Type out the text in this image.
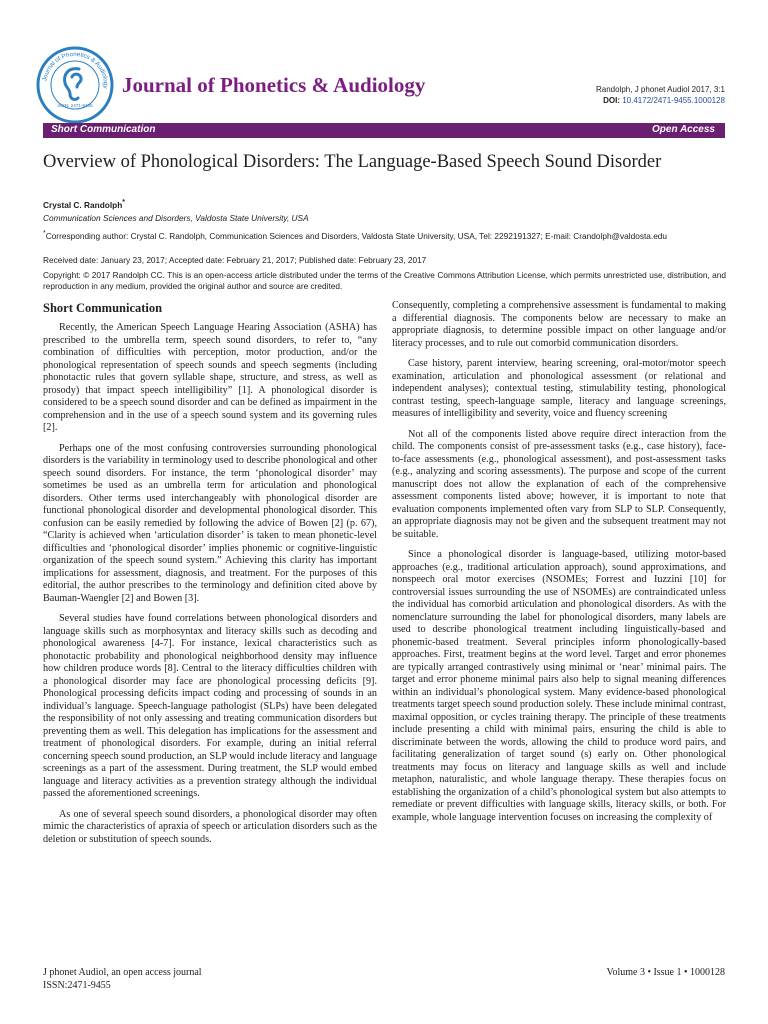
Journal of Phonetics & Audiology
ISSN: 2471-9455
Journal of Phonetics & Audiology	Randolph, J phonet Audiol 2017, 3:1
DOI: 10.4172/2471-9455.1000128
Short Communication	Open Access
Overview of Phonological Disorders: The Language-Based Speech Sound Disorder
Crystal C. Randolph*
Communication Sciences and Disorders, Valdosta State University, USA
*Corresponding author: Crystal C. Randolph, Communication Sciences and Disorders, Valdosta State University, USA, Tel: 2292191327; E-mail: Crandolph@valdosta.edu
Received date: January 23, 2017; Accepted date: February 21, 2017; Published date: February 23, 2017
Copyright: © 2017 Randolph CC. This is an open-access article distributed under the terms of the Creative Commons Attribution License, which permits unrestricted use, distribution, and reproduction in any medium, provided the original author and source are credited.
Short Communication

Recently, the American Speech Language Hearing Association (ASHA) has prescribed to the umbrella term, speech sound disorders, to refer to, “any combination of difficulties with perception, motor production, and/or the phonological representation of speech sounds and speech segments (including phonotactic rules that govern syllable shape, structure, and stress, as well as prosody) that impact speech intelligibility” [1]. A phonological disorder is considered to be a speech sound disorder and can be defined as impairment in the comprehension and in the use of a speech sound system and its governing rules [2].

Perhaps one of the most confusing controversies surrounding phonological disorders is the variability in terminology used to describe phonological and other speech sound disorders. For instance, the term ‘phonological disorder’ may sometimes be used as an umbrella term for articulation and phonological disorders. Other terms used interchangeably with phonological disorder are functional phonological disorder and developmental phonological disorder. This confusion can be easily remedied by following the advice of Bowen [2] (p. 67), “Clarity is achieved when ‘articulation disorder’ is taken to mean phonetic-level difficulties and ‘phonological disorder’ implies phonemic or cognitive-linguistic organization of the speech sound system.” Achieving this clarity has important implications for assessment, diagnosis, and treatment. For the purposes of this editorial, the author prescribes to the terminology and definition cited above by Bauman-Waengler [2] and Bowen [3].

Several studies have found correlations between phonological disorders and language skills such as morphosyntax and literacy skills such as decoding and phonological awareness [4-7]. For instance, lexical characteristics such as phonotactic probability and phonological neighborhood density may influence how children produce words [8]. Central to the literacy difficulties children with a phonological disorder may face are phonological processing deficits [9]. Phonological processing deficits impact coding and processing of sounds in an individual’s language. Speech-language pathologist (SLPs) have been delegated the responsibility of not only assessing and treating communication disorders but preventing them as well. This delegation has implications for the assessment and treatment of phonological disorders. For example, during an initial referral concerning speech sound production, an SLP would include literacy and language screenings as a part of the assessment. During treatment, the SLP would embed language and literacy activities as a prevention strategy although the individual passed the aforementioned screenings.

As one of several speech sound disorders, a phonological disorder may often mimic the characteristics of apraxia of speech or articulation disorders such as the deletion or substitution of speech sounds.

Consequently, completing a comprehensive assessment is fundamental to making a differential diagnosis. The components below are necessary to make an appropriate diagnosis, to determine possible impact on other language and/or literacy processes, and to rule out comorbid communication disorders.

Case history, parent interview, hearing screening, oral-motor/motor speech examination, articulation and phonological assessment (or relational and independent analyses); contextual testing, stimulability testing, phonological contrast testing, speech-language sample, literacy and language screenings, measures of intelligibility and severity, voice and fluency screening

Not all of the components listed above require direct interaction from the child. The components consist of pre-assessment tasks (e.g., case history), face-to-face assessments (e.g., phonological assessment), and post-assessment tasks (e.g., analyzing and scoring assessments). The purpose and scope of the current manuscript does not allow the explanation of each of the comprehensive assessment components listed above; however, it is important to note that evaluation components implemented often vary from SLP to SLP. Consequently, an appropriate diagnosis may not be given and the subsequent treatment may not be suitable.

Since a phonological disorder is language-based, utilizing motor-based approaches (e.g., traditional articulation approach), sound approximations, and nonspeech oral motor exercises (NSOMEs; Forrest and Iuzzini [10] for controversial issues surrounding the use of NSOMEs) are contraindicated unless the individual has comorbid articulation and phonological disorders. As with the nomenclature surrounding the label for phonological disorders, many labels are used to describe phonological treatment including linguistically-based and phonemic-based treatment. Several principles inform phonologically-based approaches. First, treatment begins at the word level. Target and error phonemes are typically arranged contrastively using minimal or ‘near’ minimal pairs. The target and error phoneme minimal pairs also help to signal meaning differences within an individual’s phonological system. Many evidence-based phonological treatments target speech sound production solely. These include minimal contrast, maximal opposition, or cycles training therapy. The principle of these treatments include presenting a child with minimal pairs, ensuring the child is able to discriminate between the words, allowing the child to produce word pairs, and facilitating generalization of target sound (s) early on. Other phonological treatments may focus on literacy and language skills as well and include metaphon, naturalistic, and whole language therapy. These therapies focus on establishing the organization of a child’s phonological system but also attempts to remediate or prevent difficulties with language skills, literacy skills, or both. For example, whole language intervention focuses on increasing the complexity of

J phonet Audiol, an open access journal
ISSN:2471-9455
Volume 3 • Issue 1 • 1000128
